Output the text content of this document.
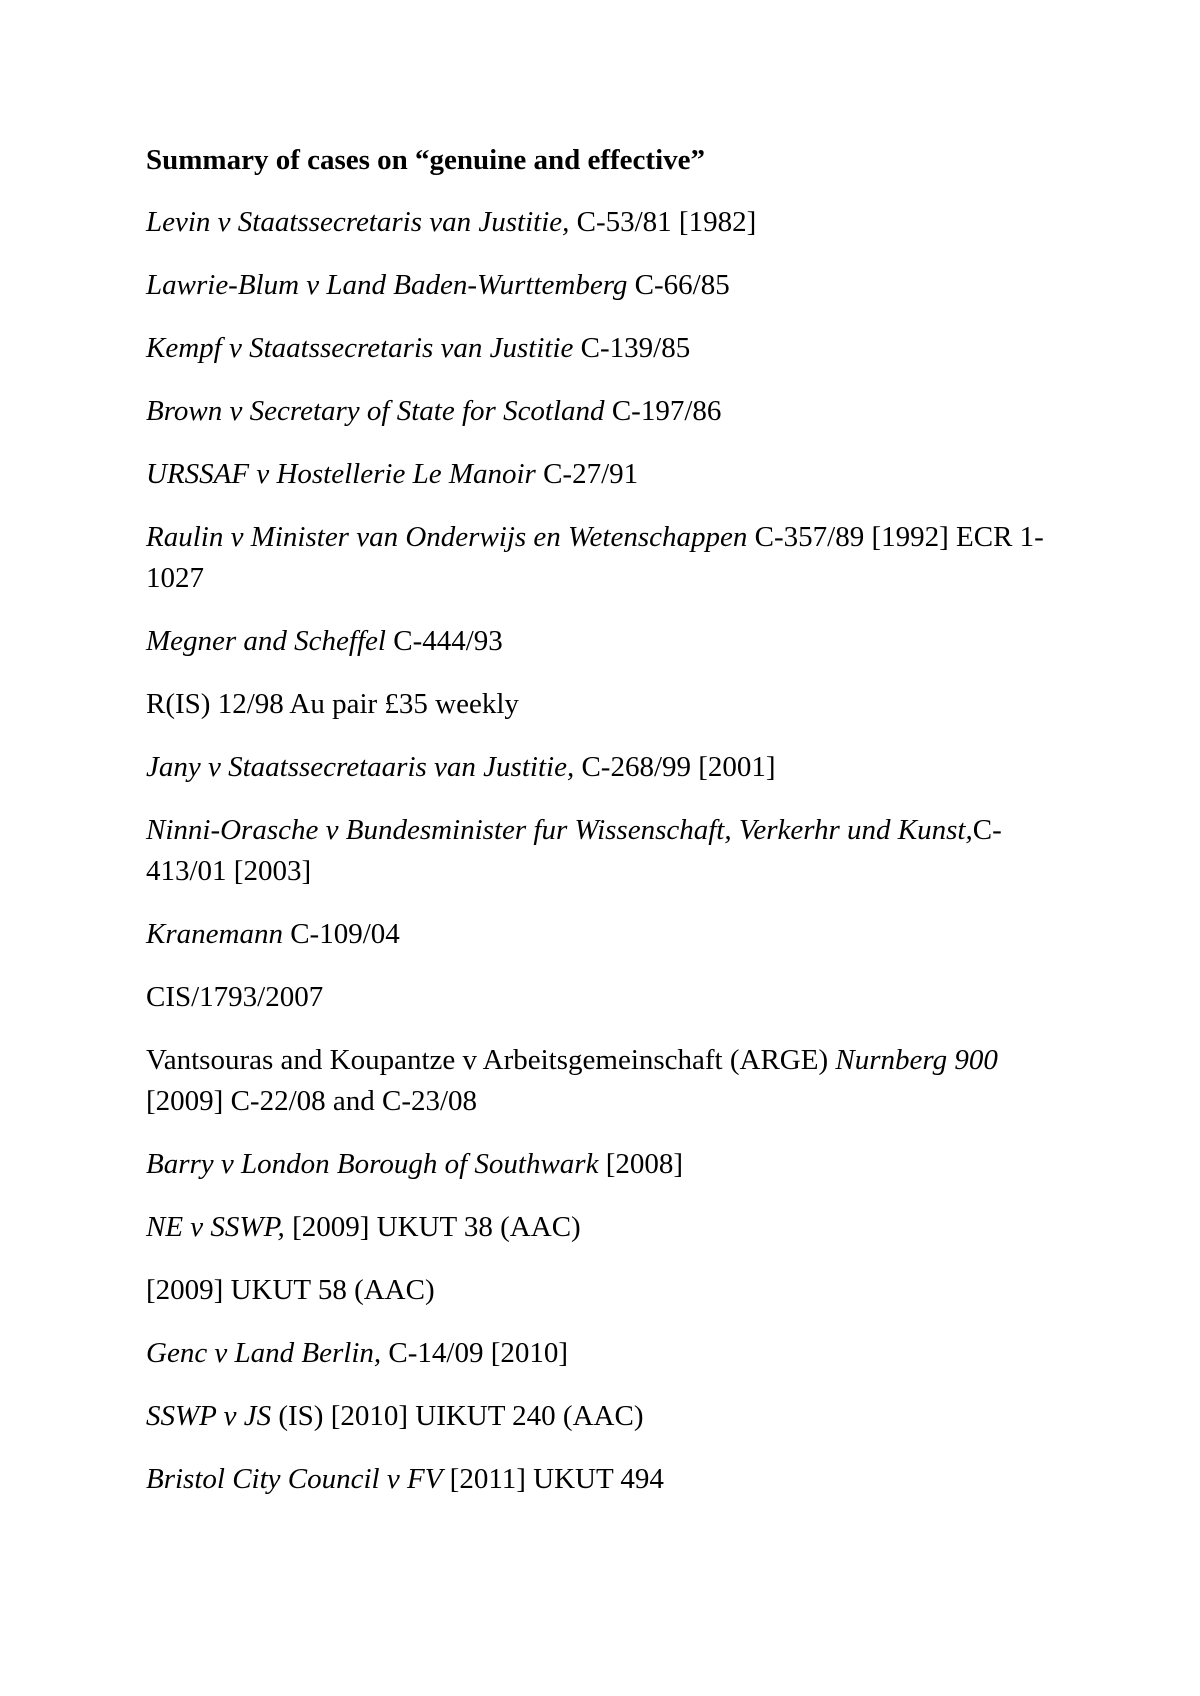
Summary of cases on “genuine and effective”
Levin v Staatssecretaris van Justitie, C-53/81 [1982]
Lawrie-Blum v Land Baden-Wurttemberg C-66/85
Kempf v Staatssecretaris van Justitie C-139/85
Brown v Secretary of State for Scotland C-197/86
URSSAF v Hostellerie Le Manoir C-27/91
Raulin v Minister van Onderwijs en Wetenschappen C-357/89 [1992] ECR 1-1027
Megner and Scheffel C-444/93
R(IS) 12/98 Au pair £35 weekly
Jany v Staatssecretaaris van Justitie, C-268/99 [2001]
Ninni-Orasche v Bundesminister fur Wissenschaft, Verkerhr und Kunst,C-413/01 [2003]
Kranemann C-109/04
CIS/1793/2007
Vantsouras and Koupantze v Arbeitsgemeinschaft (ARGE) Nurnberg 900 [2009] C-22/08 and C-23/08
Barry v London Borough of Southwark [2008]
NE v SSWP, [2009] UKUT 38 (AAC)
[2009] UKUT 58 (AAC)
Genc v Land Berlin, C-14/09 [2010]
SSWP v JS (IS) [2010] UIKUT 240 (AAC)
Bristol City Council v FV [2011] UKUT 494
